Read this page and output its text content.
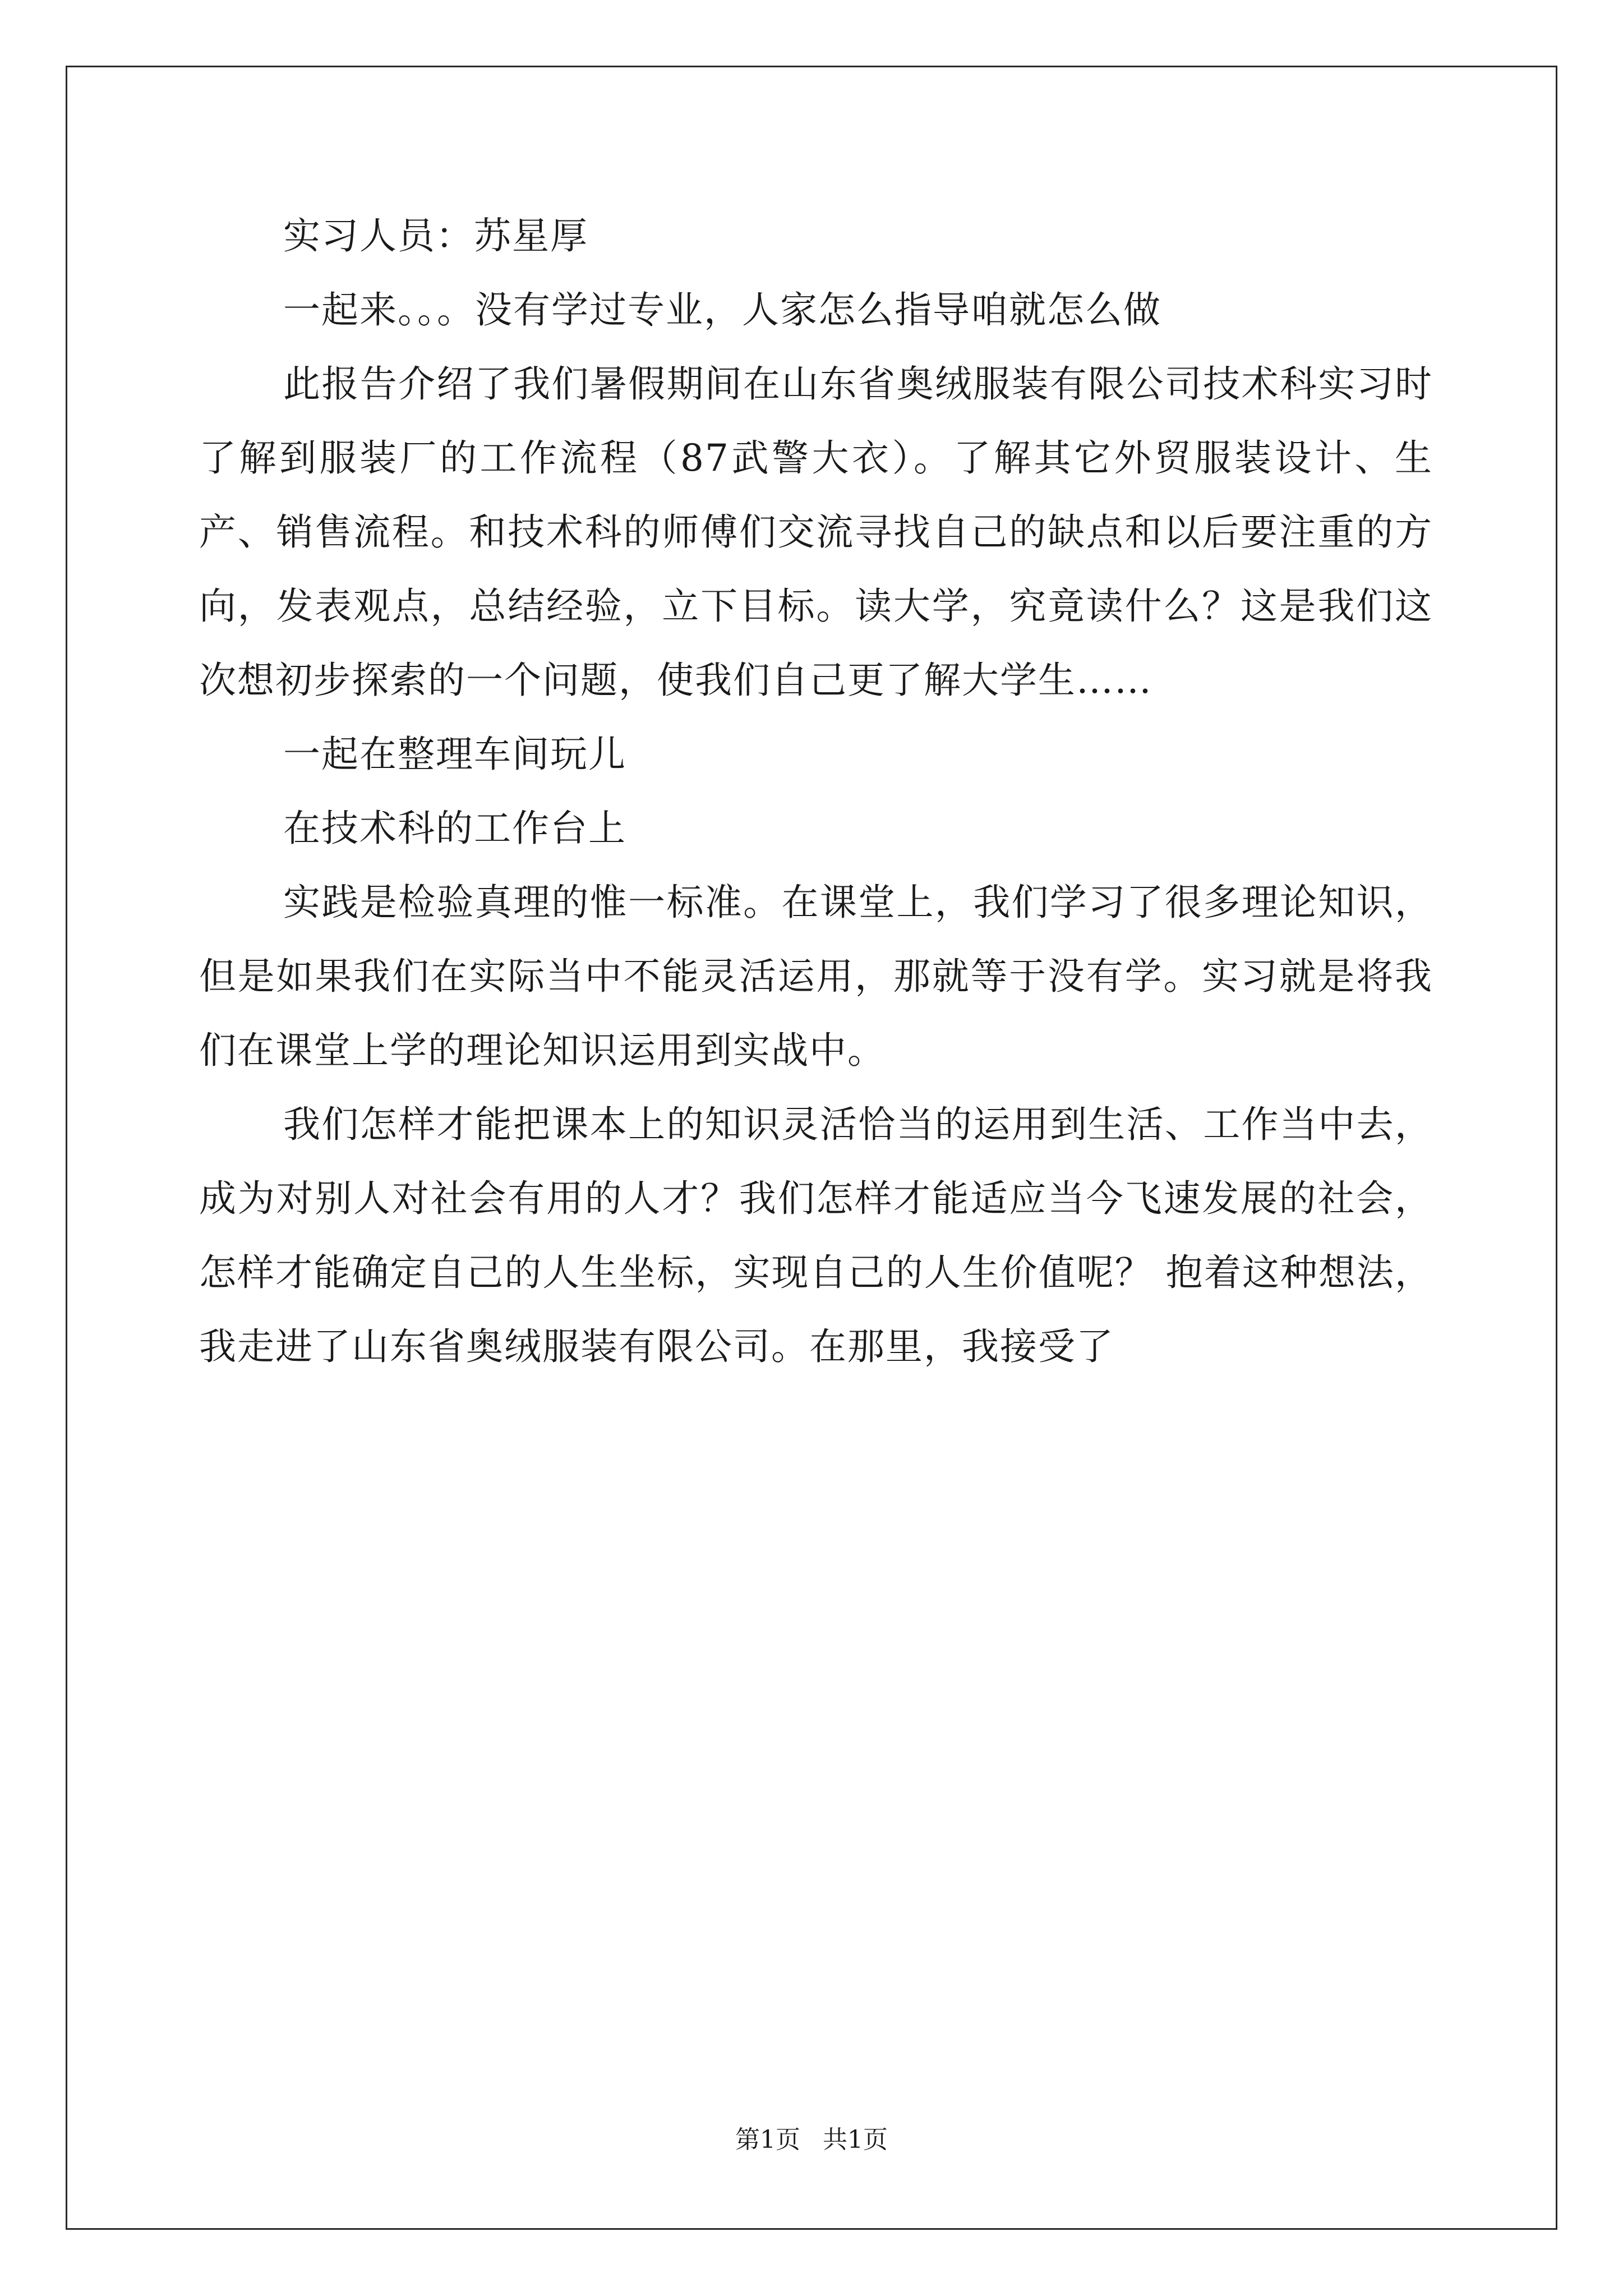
实习人员：苏星厚

一起来。。。没有学过专业，人家怎么指导咱就怎么做

此报告介绍了我们暑假期间在山东省奥绒服装有限公司技术科实习时了解到服装厂的工作流程（87武警大衣）。了解其它外贸服装设计、生产、销售流程。和技术科的师傅们交流寻找自己的缺点和以后要注重的方向，发表观点，总结经验，立下目标。读大学，究竟读什么？这是我们这次想初步探索的一个问题，使我们自己更了解大学生……

一起在整理车间玩儿

在技术科的工作台上

实践是检验真理的惟一标准。在课堂上，我们学习了很多理论知识，但是如果我们在实际当中不能灵活运用，那就等于没有学。实习就是将我们在课堂上学的理论知识运用到实战中。

我们怎样才能把课本上的知识灵活恰当的运用到生活、工作当中去，成为对别人对社会有用的人才？我们怎样才能适应当今飞速发展的社会，怎样才能确定自己的人生坐标，实现自己的人生价值呢？ 抱着这种想法，我走进了山东省奥绒服装有限公司。在那里，我接受了

第1页 共1页
